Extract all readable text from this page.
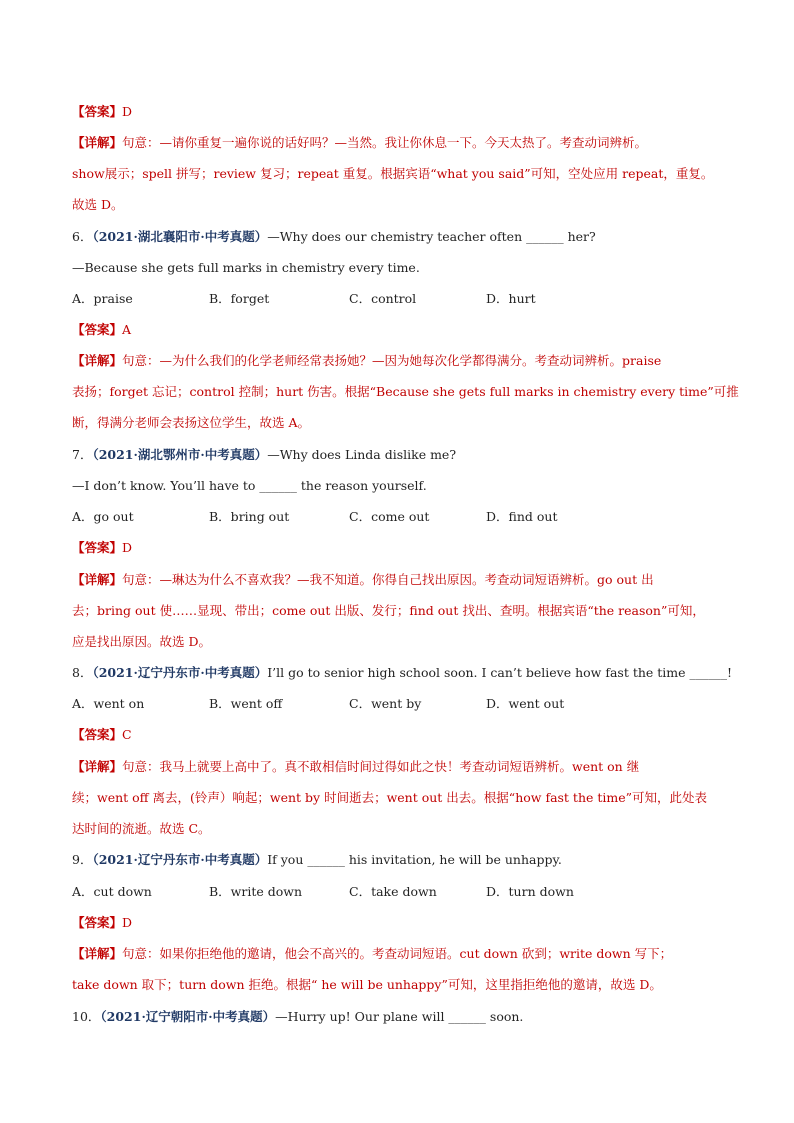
【答案】D
【详解】句意：—请你重复一遍你说的话好吗？—当然。我让你休息一下。今天太热了。考查动词辨析。
show展示；spell 拼写；review 复习；repeat 重复。根据宾语“what you said”可知，空处应用 repeat，重复。
故选 D。
6．（2021·湖北襄阳市·中考真题）—Why does our chemistry teacher often ______ her?
—Because she gets full marks in chemistry every time.
A．praise	B．forget	C．control	D．hurt
【答案】A
【详解】句意：—为什么我们的化学老师经常表扬她？—因为她每次化学都得满分。考查动词辨析。praise
表扬；forget 忘记；control 控制；hurt 伤害。根据“Because she gets full marks in chemistry every time”可推
断，得满分老师会表扬这位学生，故选 A。
7．（2021·湖北鄂州市·中考真题）—Why does Linda dislike me?
—I don’t know. You’ll have to ______ the reason yourself.
A．go out	B．bring out	C．come out	D．find out
【答案】D
【详解】句意：—琳达为什么不喜欢我？—我不知道。你得自己找出原因。考查动词短语辨析。go out 出
去；bring out 使……显现、带出；come out 出版、发行；find out 找出、查明。根据宾语“the reason”可知，
应是找出原因。故选 D。
8．（2021·辽宁丹东市·中考真题）I’ll go to senior high school soon. I can’t believe how fast the time ______!
A．went on	B．went off	C．went by	D．went out
【答案】C
【详解】句意：我马上就要上高中了。真不敢相信时间过得如此之快！考查动词短语辨析。went on 继
续；went off 离去，(铃声）响起；went by 时间逝去；went out 出去。根据“how fast the time”可知，此处表
达时间的流逝。故选 C。
9．（2021·辽宁丹东市·中考真题）If you ______ his invitation, he will be unhappy.
A．cut down	B．write down	C．take down	D．turn down
【答案】D
【详解】句意：如果你拒绝他的邀请，他会不高兴的。考查动词短语。cut down 砍到；write down 写下；
take down 取下；turn down 拒绝。根据“ he will be unhappy”可知，这里指拒绝他的邀请，故选 D。
10．（2021·辽宁朝阳市·中考真题）—Hurry up! Our plane will ______ soon.
